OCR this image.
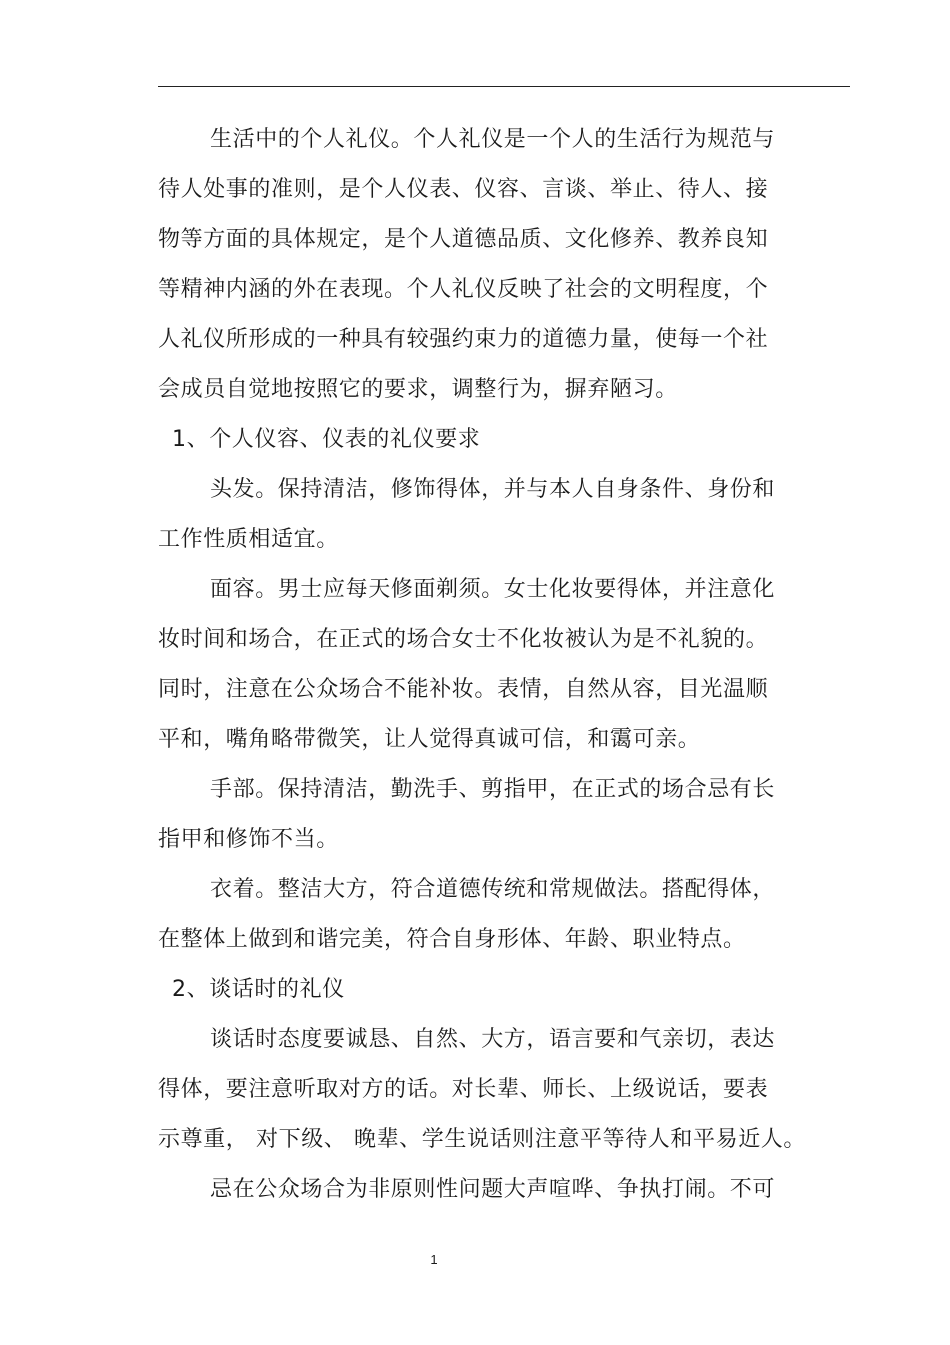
生活中的个人礼仪。个人礼仪是一个人的生活行为规范与
待人处事的准则，是个人仪表、仪容、言谈、举止、待人、接
物等方面的具体规定，是个人道德品质、文化修养、教养良知
等精神内涵的外在表现。个人礼仪反映了社会的文明程度，个
人礼仪所形成的一种具有较强约束力的道德力量，使每一个社
会成员自觉地按照它的要求，调整行为，摒弃陋习。
1、个人仪容、仪表的礼仪要求
头发。保持清洁，修饰得体，并与本人自身条件、身份和
工作性质相适宜。
面容。男士应每天修面剃须。女士化妆要得体，并注意化
妆时间和场合，在正式的场合女士不化妆被认为是不礼貌的。
同时，注意在公众场合不能补妆。表情，自然从容，目光温顺
平和，嘴角略带微笑，让人觉得真诚可信，和霭可亲。
手部。保持清洁，勤洗手、剪指甲，在正式的场合忌有长
指甲和修饰不当。
衣着。整洁大方，符合道德传统和常规做法。搭配得体，
在整体上做到和谐完美，符合自身形体、年龄、职业特点。
2、谈话时的礼仪
谈话时态度要诚恳、自然、大方，语言要和气亲切，表达
得体，要注意听取对方的话。对长辈、师长、上级说话，要表
示尊重， 对下级、 晚辈、学生说话则注意平等待人和平易近人。
忌在公众场合为非原则性问题大声喧哗、争执打闹。不可
1
